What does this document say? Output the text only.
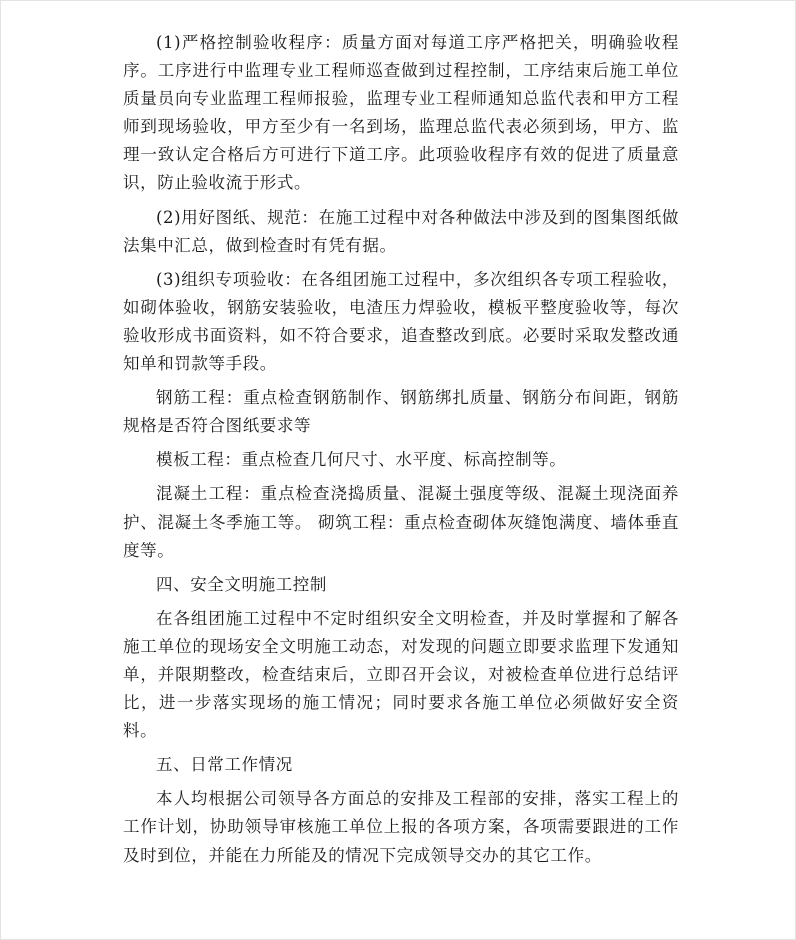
(1)严格控制验收程序：质量方面对每道工序严格把关，明确验收程序。工序进行中监理专业工程师巡查做到过程控制，工序结束后施工单位质量员向专业监理工程师报验，监理专业工程师通知总监代表和甲方工程师到现场验收，甲方至少有一名到场，监理总监代表必须到场，甲方、监理一致认定合格后方可进行下道工序。此项验收程序有效的促进了质量意识，防止验收流于形式。

(2)用好图纸、规范：在施工过程中对各种做法中涉及到的图集图纸做法集中汇总，做到检查时有凭有据。

(3)组织专项验收：在各组团施工过程中，多次组织各专项工程验收，如砌体验收，钢筋安装验收，电渣压力焊验收，模板平整度验收等，每次验收形成书面资料，如不符合要求，追查整改到底。必要时采取发整改通知单和罚款等手段。

钢筋工程：重点检查钢筋制作、钢筋绑扎质量、钢筋分布间距，钢筋规格是否符合图纸要求等

模板工程：重点检查几何尺寸、水平度、标高控制等。

混凝土工程：重点检查浇捣质量、混凝土强度等级、混凝土现浇面养护、混凝土冬季施工等。 砌筑工程：重点检查砌体灰缝饱满度、墙体垂直度等。

四、安全文明施工控制

在各组团施工过程中不定时组织安全文明检查，并及时掌握和了解各施工单位的现场安全文明施工动态，对发现的问题立即要求监理下发通知单，并限期整改，检查结束后，立即召开会议，对被检查单位进行总结评比，进一步落实现场的施工情况；同时要求各施工单位必须做好安全资料。

五、日常工作情况

本人均根据公司领导各方面总的安排及工程部的安排，落实工程上的工作计划，协助领导审核施工单位上报的各项方案，各项需要跟进的工作及时到位，并能在力所能及的情况下完成领导交办的其它工作。
